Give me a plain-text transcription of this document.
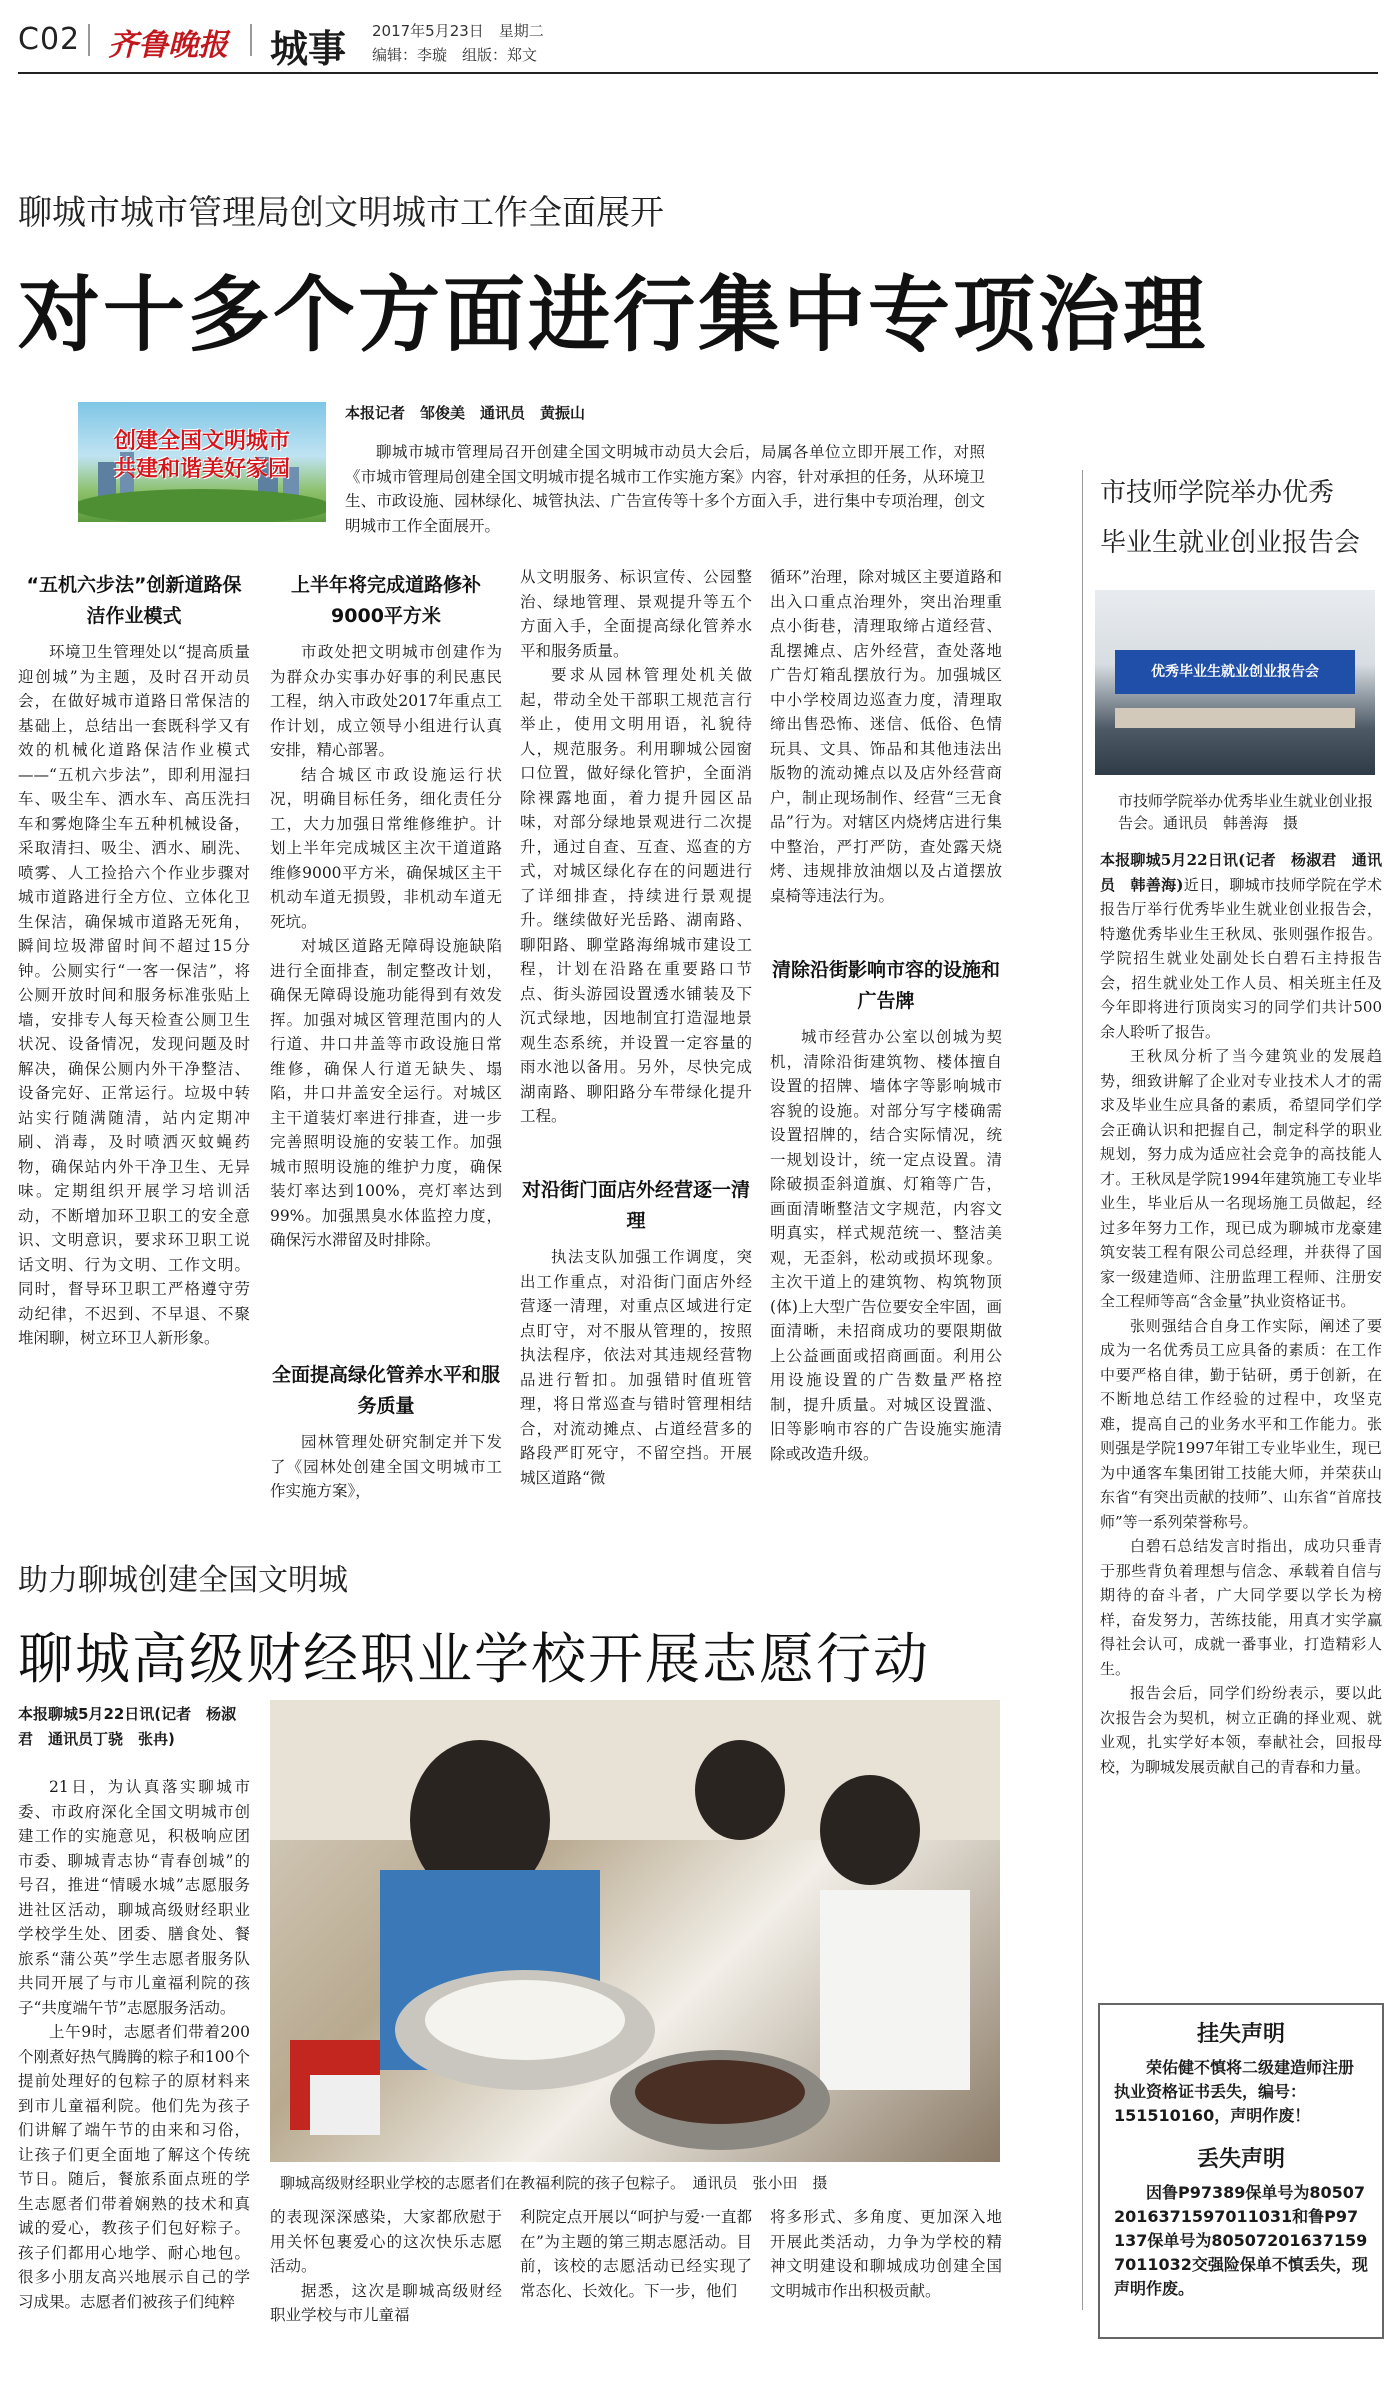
C02 齐鲁晚报 城事 2017年5月23日　星期二
编辑：李璇　组版：郑文
聊城市城市管理局创文明城市工作全面展开
对十多个方面进行集中专项治理
创建全国文明城市
共建和谐美好家园
本报记者　邹俊美　通讯员　黄振山

聊城市城市管理局召开创建全国文明城市动员大会后，局属各单位立即开展工作，对照《市城市管理局创建全国文明城市提名城市工作实施方案》内容，针对承担的任务，从环境卫生、市政设施、园林绿化、城管执法、广告宣传等十多个方面入手，进行集中专项治理，创文明城市工作全面展开。

“五机六步法”创新道路保洁作业模式

环境卫生管理处以“提高质量迎创城”为主题，及时召开动员会，在做好城市道路日常保洁的基础上，总结出一套既科学又有效的机械化道路保洁作业模式——“五机六步法”，即利用湿扫车、吸尘车、洒水车、高压洗扫车和雾炮降尘车五种机械设备，采取清扫、吸尘、洒水、刷洗、喷雾、人工捡拾六个作业步骤对城市道路进行全方位、立体化卫生保洁，确保城市道路无死角，瞬间垃圾滞留时间不超过15分钟。公厕实行“一客一保洁”，将公厕开放时间和服务标准张贴上墙，安排专人每天检查公厕卫生状况、设备情况，发现问题及时解决，确保公厕内外干净整洁、设备完好、正常运行。垃圾中转站实行随满随清，站内定期冲刷、消毒，及时喷洒灭蚊蝇药物，确保站内外干净卫生、无异味。定期组织开展学习培训活动，不断增加环卫职工的安全意识、文明意识，要求环卫职工说话文明、行为文明、工作文明。同时，督导环卫职工严格遵守劳动纪律，不迟到、不早退、不聚堆闲聊，树立环卫人新形象。

上半年将完成道路修补9000平方米

市政处把文明城市创建作为为群众办实事办好事的利民惠民工程，纳入市政处2017年重点工作计划，成立领导小组进行认真安排，精心部署。

结合城区市政设施运行状况，明确目标任务，细化责任分工，大力加强日常维修维护。计划上半年完成城区主次干道道路维修9000平方米，确保城区主干机动车道无损毁，非机动车道无死坑。

对城区道路无障碍设施缺陷进行全面排查，制定整改计划，确保无障碍设施功能得到有效发挥。加强对城区管理范围内的人行道、井口井盖等市政设施日常维修，确保人行道无缺失、塌陷，井口井盖安全运行。对城区主干道装灯率进行排查，进一步完善照明设施的安装工作。加强城市照明设施的维护力度，确保装灯率达到100%，亮灯率达到99%。加强黑臭水体监控力度，确保污水滞留及时排除。

全面提高绿化管养水平和服务质量

园林管理处研究制定并下发了《园林处创建全国文明城市工作实施方案》，

从文明服务、标识宣传、公园整治、绿地管理、景观提升等五个方面入手，全面提高绿化管养水平和服务质量。

要求从园林管理处机关做起，带动全处干部职工规范言行举止，使用文明用语，礼貌待人，规范服务。利用聊城公园窗口位置，做好绿化管护，全面消除裸露地面，着力提升园区品味，对部分绿地景观进行二次提升，通过自查、互查、巡查的方式，对城区绿化存在的问题进行了详细排查，持续进行景观提升。继续做好光岳路、湖南路、聊阳路、聊堂路海绵城市建设工程，计划在沿路在重要路口节点、街头游园设置透水铺装及下沉式绿地，因地制宜打造湿地景观生态系统，并设置一定容量的雨水池以备用。另外，尽快完成湖南路、聊阳路分车带绿化提升工程。

对沿街门面店外经营逐一清理

执法支队加强工作调度，突出工作重点，对沿街门面店外经营逐一清理，对重点区域进行定点盯守，对不服从管理的，按照执法程序，依法对其违规经营物品进行暂扣。加强错时值班管理，将日常巡查与错时管理相结合，对流动摊点、占道经营多的路段严盯死守，不留空挡。开展城区道路“微

循环”治理，除对城区主要道路和出入口重点治理外，突出治理重点小街巷，清理取缔占道经营、乱摆摊点、店外经营，查处落地广告灯箱乱摆放行为。加强城区中小学校周边巡查力度，清理取缔出售恐怖、迷信、低俗、色情玩具、文具、饰品和其他违法出版物的流动摊点以及店外经营商户，制止现场制作、经营“三无食品”行为。对辖区内烧烤店进行集中整治，严打严防，查处露天烧烤、违规排放油烟以及占道摆放桌椅等违法行为。

清除沿街影响市容的设施和广告牌

城市经营办公室以创城为契机，清除沿街建筑物、楼体擅自设置的招牌、墙体字等影响城市容貌的设施。对部分写字楼确需设置招牌的，结合实际情况，统一规划设计，统一定点设置。清除破损歪斜道旗、灯箱等广告，画面清晰整洁文字规范，内容文明真实，样式规范统一、整洁美观，无歪斜，松动或损坏现象。主次干道上的建筑物、构筑物顶(体)上大型广告位要安全牢固，画面清晰，未招商成功的要限期做上公益画面或招商画面。利用公用设施设置的广告数量严格控制，提升质量。对城区设置滥、旧等影响市容的广告设施实施清除或改造升级。

助力聊城创建全国文明城
聊城高级财经职业学校开展志愿行动
本报聊城5月22日讯(记者　杨淑君　通讯员丁骁　张冉)

21日，为认真落实聊城市委、市政府深化全国文明城市创建工作的实施意见，积极响应团市委、聊城青志协“青春创城”的号召，推进“情暖水城”志愿服务进社区活动，聊城高级财经职业学校学生处、团委、膳食处、餐旅系“蒲公英”学生志愿者服务队共同开展了与市儿童福利院的孩子“共度端午节”志愿服务活动。

上午9时，志愿者们带着200个刚煮好热气腾腾的粽子和100个提前处理好的包粽子的原材料来到市儿童福利院。他们先为孩子们讲解了端午节的由来和习俗，让孩子们更全面地了解这个传统节日。随后，餐旅系面点班的学生志愿者们带着娴熟的技术和真诚的爱心，教孩子们包好粽子。孩子们都用心地学、耐心地包。很多小朋友高兴地展示自己的学习成果。志愿者们被孩子们纯粹

聊城高级财经职业学校的志愿者们在教福利院的孩子包粽子。　通讯员　张小田　摄

的表现深深感染，大家都欣慰于用关怀包裹爱心的这次快乐志愿活动。

据悉，这次是聊城高级财经职业学校与市儿童福

利院定点开展以“呵护与爱·一直都在”为主题的第三期志愿活动。目前，该校的志愿活动已经实现了常态化、长效化。下一步，他们

将多形式、多角度、更加深入地开展此类活动，力争为学校的精神文明建设和聊城成功创建全国文明城市作出积极贡献。

市技师学院举办优秀
毕业生就业创业报告会
优秀毕业生就业创业报告会
市技师学院举办优秀毕业生就业创业报告会。通讯员　韩善海　摄

本报聊城5月22日讯(记者　杨淑君　通讯员　韩善海)近日，聊城市技师学院在学术报告厅举行优秀毕业生就业创业报告会，特邀优秀毕业生王秋凤、张则强作报告。学院招生就业处副处长白碧石主持报告会，招生就业处工作人员、相关班主任及今年即将进行顶岗实习的同学们共计500余人聆听了报告。

王秋凤分析了当今建筑业的发展趋势，细致讲解了企业对专业技术人才的需求及毕业生应具备的素质，希望同学们学会正确认识和把握自己，制定科学的职业规划，努力成为适应社会竞争的高技能人才。王秋凤是学院1994年建筑施工专业毕业生，毕业后从一名现场施工员做起，经过多年努力工作，现已成为聊城市龙豪建筑安装工程有限公司总经理，并获得了国家一级建造师、注册监理工程师、注册安全工程师等高“含金量”执业资格证书。

张则强结合自身工作实际，阐述了要成为一名优秀员工应具备的素质：在工作中要严格自律，勤于钻研，勇于创新，在不断地总结工作经验的过程中，攻坚克难，提高自己的业务水平和工作能力。张则强是学院1997年钳工专业毕业生，现已为中通客车集团钳工技能大师，并荣获山东省“有突出贡献的技师”、山东省“首席技师”等一系列荣誉称号。

白碧石总结发言时指出，成功只垂青于那些背负着理想与信念、承载着自信与期待的奋斗者，广大同学要以学长为榜样，奋发努力，苦练技能，用真才实学赢得社会认可，成就一番事业，打造精彩人生。

报告会后，同学们纷纷表示，要以此次报告会为契机，树立正确的择业观、就业观，扎实学好本领，奉献社会，回报母校，为聊城发展贡献自己的青春和力量。

挂失声明
荣佑健不慎将二级建造师注册执业资格证书丢失，编号：151510160，声明作废！
丢失声明
因鲁P97389保单号为805072016371597011031和鲁P97137保单号为805072016371597011032交强险保单不慎丢失，现声明作废。
